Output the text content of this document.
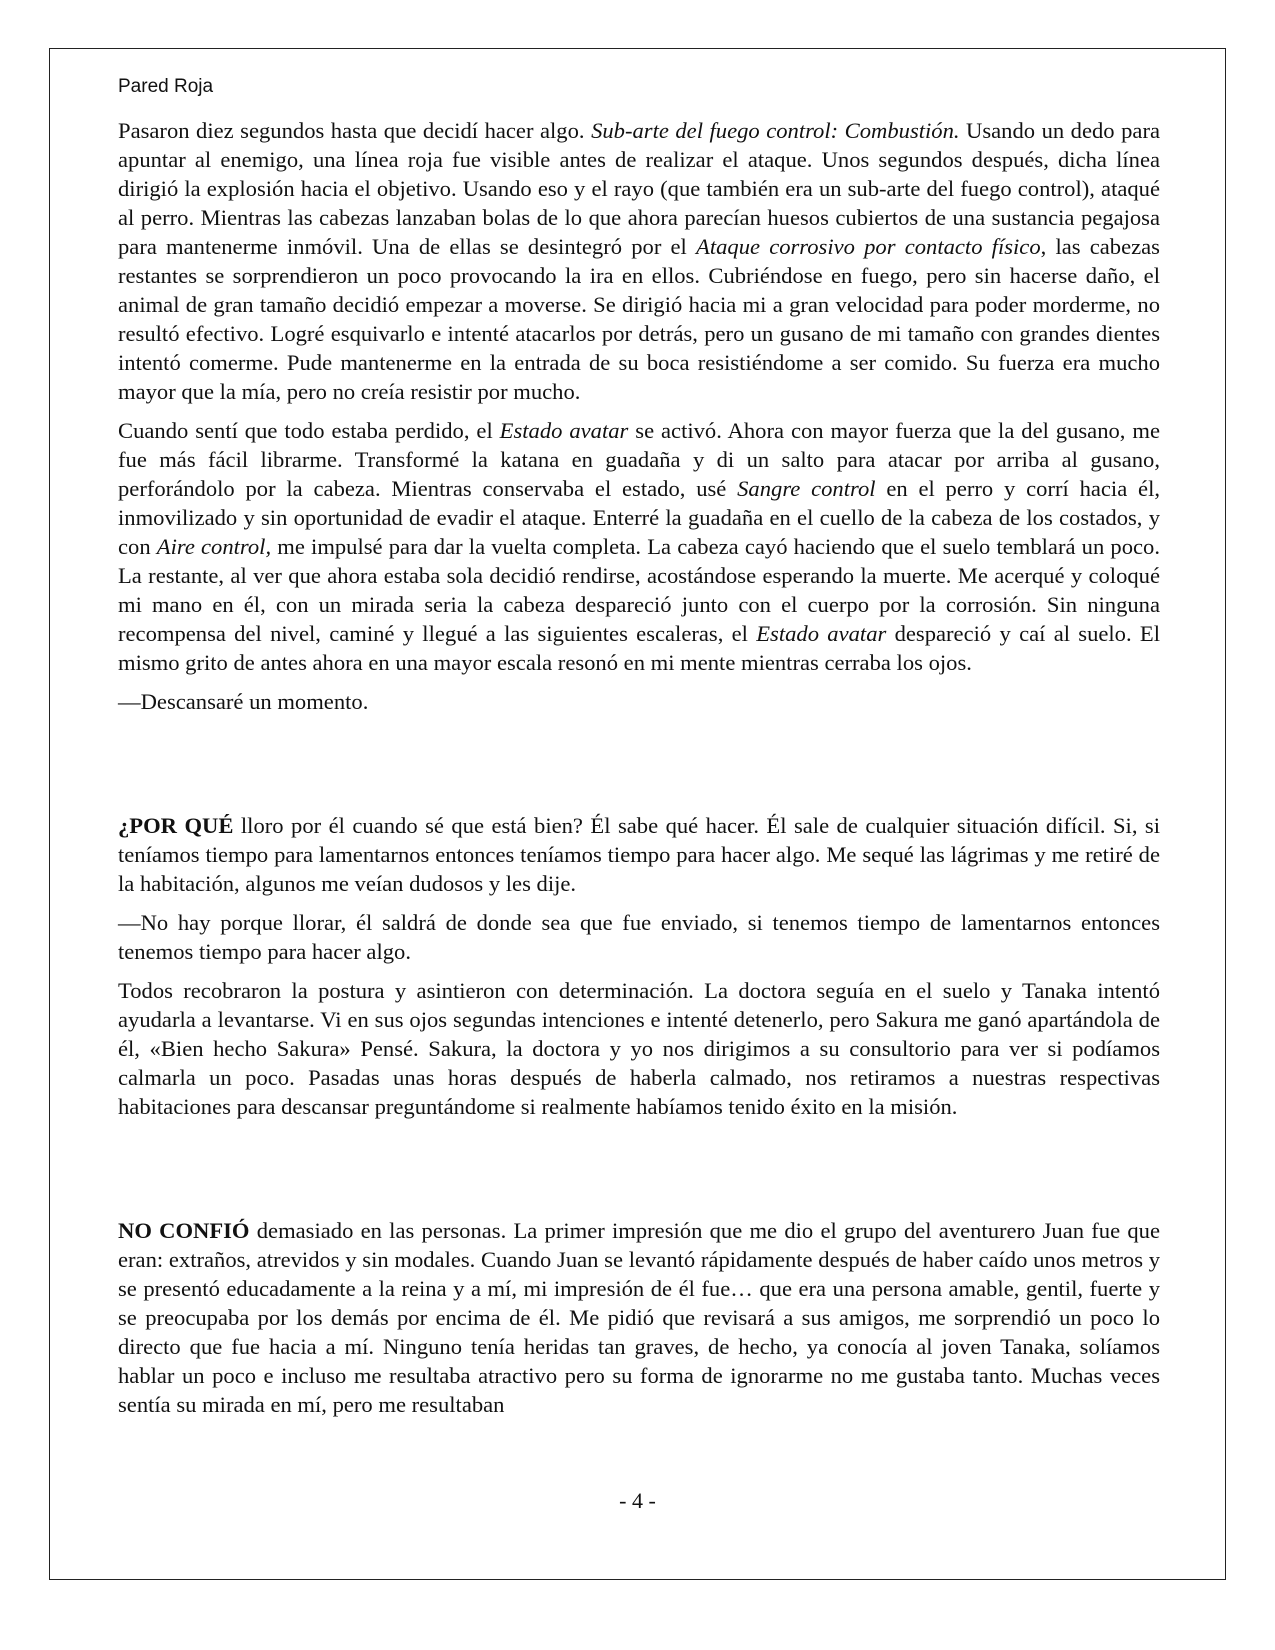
Pared Roja

Pasaron diez segundos hasta que decidí hacer algo. Sub-arte del fuego control: Combustión. Usando un dedo para apuntar al enemigo, una línea roja fue visible antes de realizar el ataque. Unos segundos después, dicha línea dirigió la explosión hacia el objetivo. Usando eso y el rayo (que también era un sub-arte del fuego control), ataqué al perro. Mientras las cabezas lanzaban bolas de lo que ahora parecían huesos cubiertos de una sustancia pegajosa para mantenerme inmóvil. Una de ellas se desintegró por el Ataque corrosivo por contacto físico, las cabezas restantes se sorprendieron un poco provocando la ira en ellos. Cubriéndose en fuego, pero sin hacerse daño, el animal de gran tamaño decidió empezar a moverse. Se dirigió hacia mi a gran velocidad para poder morderme, no resultó efectivo. Logré esquivarlo e intenté atacarlos por detrás, pero un gusano de mi tamaño con grandes dientes intentó comerme. Pude mantenerme en la entrada de su boca resistiéndome a ser comido. Su fuerza era mucho mayor que la mía, pero no creía resistir por mucho.

Cuando sentí que todo estaba perdido, el Estado avatar se activó. Ahora con mayor fuerza que la del gusano, me fue más fácil librarme. Transformé la katana en guadaña y di un salto para atacar por arriba al gusano, perforándolo por la cabeza. Mientras conservaba el estado, usé Sangre control en el perro y corrí hacia él, inmovilizado y sin oportunidad de evadir el ataque. Enterré la guadaña en el cuello de la cabeza de los costados, y con Aire control, me impulsé para dar la vuelta completa. La cabeza cayó haciendo que el suelo temblará un poco. La restante, al ver que ahora estaba sola decidió rendirse, acostándose esperando la muerte. Me acerqué y coloqué mi mano en él, con un mirada seria la cabeza despareció junto con el cuerpo por la corrosión. Sin ninguna recompensa del nivel, caminé y llegué a las siguientes escaleras, el Estado avatar despareció y caí al suelo. El mismo grito de antes ahora en una mayor escala resonó en mi mente mientras cerraba los ojos.

—Descansaré un momento.

¿POR QUÉ lloro por él cuando sé que está bien? Él sabe qué hacer. Él sale de cualquier situación difícil. Si, si teníamos tiempo para lamentarnos entonces teníamos tiempo para hacer algo. Me sequé las lágrimas y me retiré de la habitación, algunos me veían dudosos y les dije.

—No hay porque llorar, él saldrá de donde sea que fue enviado, si tenemos tiempo de lamentarnos entonces tenemos tiempo para hacer algo.

Todos recobraron la postura y asintieron con determinación. La doctora seguía en el suelo y Tanaka intentó ayudarla a levantarse. Vi en sus ojos segundas intenciones e intenté detenerlo, pero Sakura me ganó apartándola de él, «Bien hecho Sakura» Pensé. Sakura, la doctora y yo nos dirigimos a su consultorio para ver si podíamos calmarla un poco. Pasadas unas horas después de haberla calmado, nos retiramos a nuestras respectivas habitaciones para descansar preguntándome si realmente habíamos tenido éxito en la misión.

NO CONFIÓ demasiado en las personas. La primer impresión que me dio el grupo del aventurero Juan fue que eran: extraños, atrevidos y sin modales. Cuando Juan se levantó rápidamente después de haber caído unos metros y se presentó educadamente a la reina y a mí, mi impresión de él fue… que era una persona amable, gentil, fuerte y se preocupaba por los demás por encima de él. Me pidió que revisará a sus amigos, me sorprendió un poco lo directo que fue hacia a mí. Ninguno tenía heridas tan graves, de hecho, ya conocía al joven Tanaka, solíamos hablar un poco e incluso me resultaba atractivo pero su forma de ignorarme no me gustaba tanto. Muchas veces sentía su mirada en mí, pero me resultaban

- 4 -
